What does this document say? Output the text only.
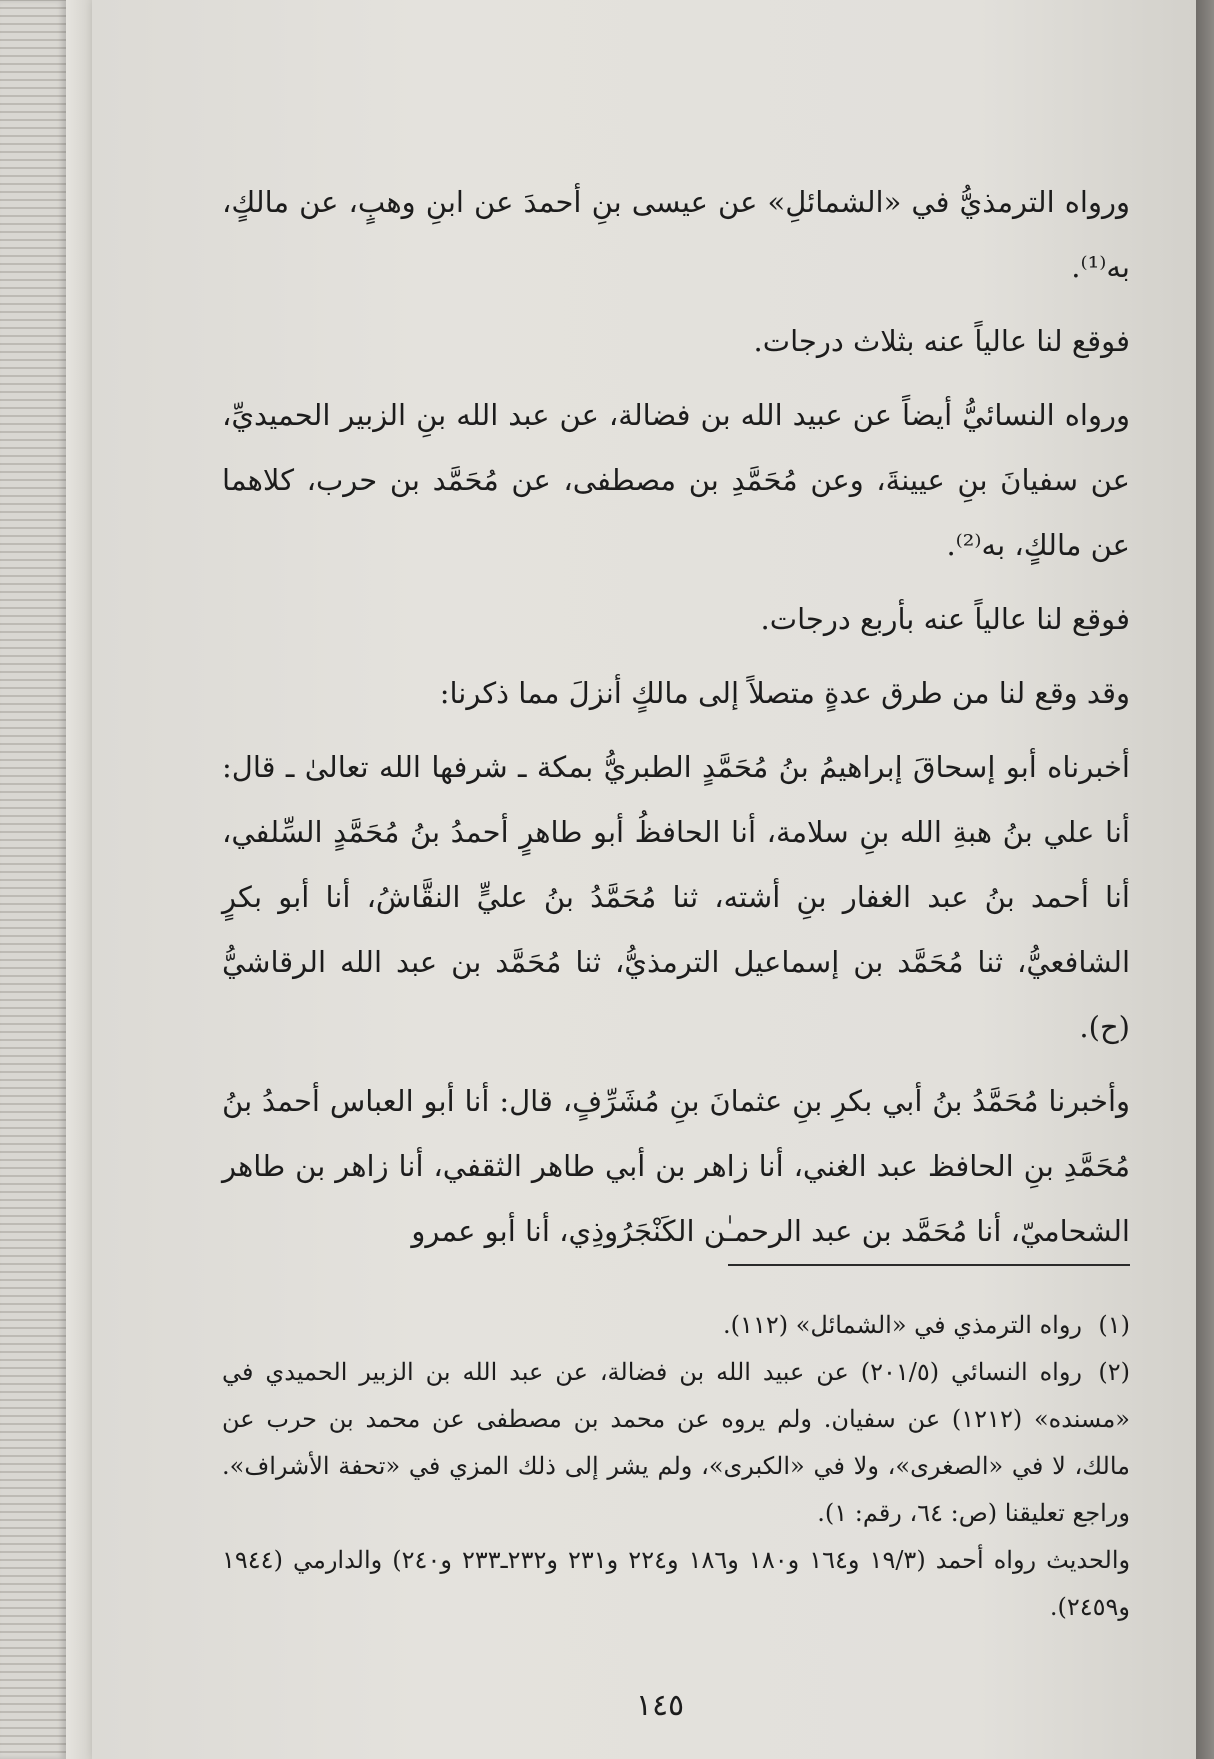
ورواه الترمذيُّ في «الشمائلِ» عن عيسى بنِ أحمدَ عن ابنِ وهبٍ، عن مالكٍ، به⁽¹⁾.

فوقع لنا عالياً عنه بثلاث درجات.

ورواه النسائيُّ أيضاً عن عبيد الله بن فضالة، عن عبد الله بنِ الزبير الحميديِّ، عن سفيانَ بنِ عيينةَ، وعن مُحَمَّدِ بن مصطفى، عن مُحَمَّد بن حرب، كلاهما عن مالكٍ، به⁽²⁾.

فوقع لنا عالياً عنه بأربع درجات.

وقد وقع لنا من طرق عدةٍ متصلاً إلى مالكٍ أنزلَ مما ذكرنا:

أخبرناه أبو إسحاقَ إبراهيمُ بنُ مُحَمَّدٍ الطبريُّ بمكة ـ شرفها الله تعالىٰ ـ قال: أنا علي بنُ هبةِ الله بنِ سلامة، أنا الحافظُ أبو طاهرٍ أحمدُ بنُ مُحَمَّدٍ السِّلفي، أنا أحمد بنُ عبد الغفار بنِ أشته، ثنا مُحَمَّدُ بنُ عليٍّ النقَّاشُ، أنا أبو بكرٍ الشافعيُّ، ثنا مُحَمَّد بن إسماعيل الترمذيُّ، ثنا مُحَمَّد بن عبد الله الرقاشيُّ (ح).

وأخبرنا مُحَمَّدُ بنُ أبي بكرِ بنِ عثمانَ بنِ مُشَرِّفٍ، قال: أنا أبو العباس أحمدُ بنُ مُحَمَّدِ بنِ الحافظ عبد الغني، أنا زاهر بن أبي طاهر الثقفي، أنا زاهر بن طاهر الشحاميّ، أنا مُحَمَّد بن عبد الرحمـٰن الكَنْجَرُوذِي، أنا أبو عمرو

(١)رواه الترمذي في «الشمائل» (١١٢).

(٢)رواه النسائي (٢٠١/٥) عن عبيد الله بن فضالة، عن عبد الله بن الزبير الحميدي في «مسنده» (١٢١٢) عن سفيان. ولم يروه عن محمد بن مصطفى عن محمد بن حرب عن مالك، لا في «الصغرى»، ولا في «الكبرى»، ولم يشر إلى ذلك المزي في «تحفة الأشراف». وراجع تعليقنا (ص: ٦٤، رقم: ١).

والحديث رواه أحمد (١٩/٣ و١٦٤ و١٨٠ و١٨٦ و٢٢٤ و٢٣١ و٢٣٢ـ٢٣٣ و٢٤٠) والدارمي (١٩٤٤ و٢٤٥٩).

١٤٥
